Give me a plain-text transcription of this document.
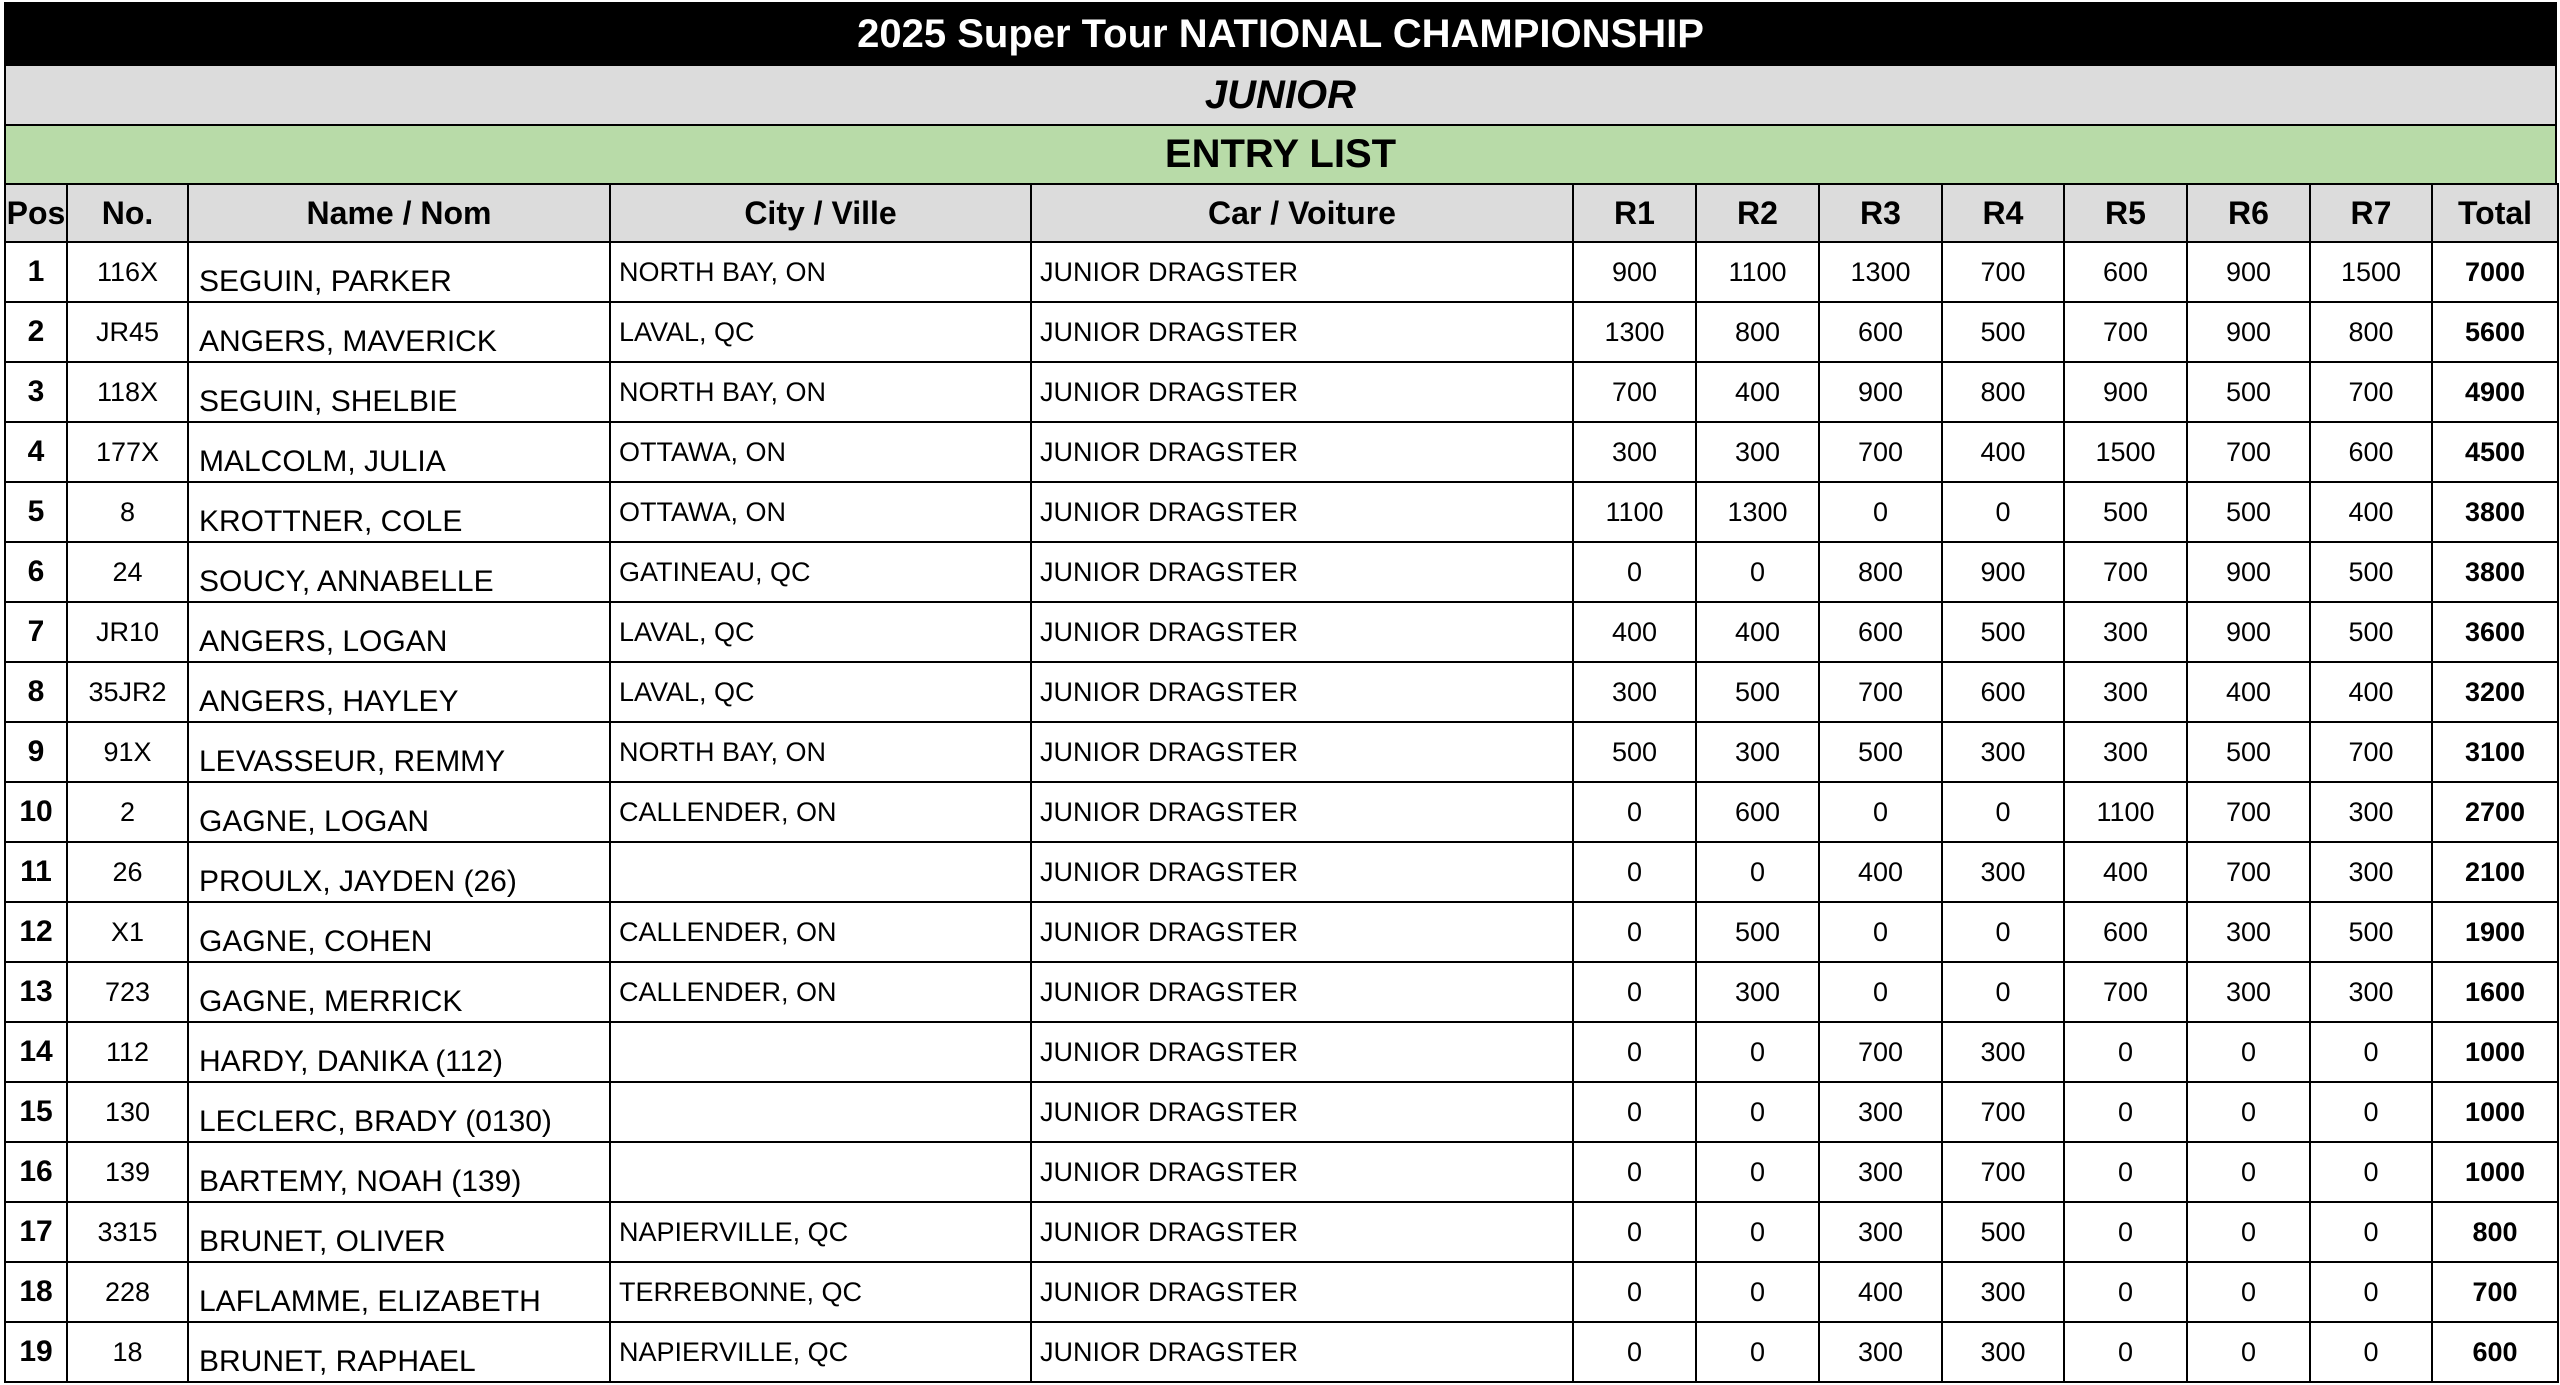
2025 Super Tour NATIONAL CHAMPIONSHIP
JUNIOR
ENTRY LIST
Pos	No.	Name / Nom	City / Ville	Car / Voiture	R1	R2	R3	R4	R5	R6	R7	Total
1	116X	SEGUIN, PARKER	NORTH BAY, ON	JUNIOR DRAGSTER	900	1100	1300	700	600	900	1500	7000
2	JR45	ANGERS, MAVERICK	LAVAL, QC	JUNIOR DRAGSTER	1300	800	600	500	700	900	800	5600
3	118X	SEGUIN, SHELBIE	NORTH BAY, ON	JUNIOR DRAGSTER	700	400	900	800	900	500	700	4900
4	177X	MALCOLM, JULIA	OTTAWA, ON	JUNIOR DRAGSTER	300	300	700	400	1500	700	600	4500
5	8	KROTTNER, COLE	OTTAWA, ON	JUNIOR DRAGSTER	1100	1300	0	0	500	500	400	3800
6	24	SOUCY, ANNABELLE	GATINEAU, QC	JUNIOR DRAGSTER	0	0	800	900	700	900	500	3800
7	JR10	ANGERS, LOGAN	LAVAL, QC	JUNIOR DRAGSTER	400	400	600	500	300	900	500	3600
8	35JR2	ANGERS, HAYLEY	LAVAL, QC	JUNIOR DRAGSTER	300	500	700	600	300	400	400	3200
9	91X	LEVASSEUR, REMMY	NORTH BAY, ON	JUNIOR DRAGSTER	500	300	500	300	300	500	700	3100
10	2	GAGNE, LOGAN	CALLENDER, ON	JUNIOR DRAGSTER	0	600	0	0	1100	700	300	2700
11	26	PROULX, JAYDEN (26)		JUNIOR DRAGSTER	0	0	400	300	400	700	300	2100
12	X1	GAGNE, COHEN	CALLENDER, ON	JUNIOR DRAGSTER	0	500	0	0	600	300	500	1900
13	723	GAGNE, MERRICK	CALLENDER, ON	JUNIOR DRAGSTER	0	300	0	0	700	300	300	1600
14	112	HARDY, DANIKA (112)		JUNIOR DRAGSTER	0	0	700	300	0	0	0	1000
15	130	LECLERC, BRADY (0130)		JUNIOR DRAGSTER	0	0	300	700	0	0	0	1000
16	139	BARTEMY, NOAH (139)		JUNIOR DRAGSTER	0	0	300	700	0	0	0	1000
17	3315	BRUNET, OLIVER	NAPIERVILLE, QC	JUNIOR DRAGSTER	0	0	300	500	0	0	0	800
18	228	LAFLAMME, ELIZABETH	TERREBONNE, QC	JUNIOR DRAGSTER	0	0	400	300	0	0	0	700
19	18	BRUNET, RAPHAEL	NAPIERVILLE, QC	JUNIOR DRAGSTER	0	0	300	300	0	0	0	600
